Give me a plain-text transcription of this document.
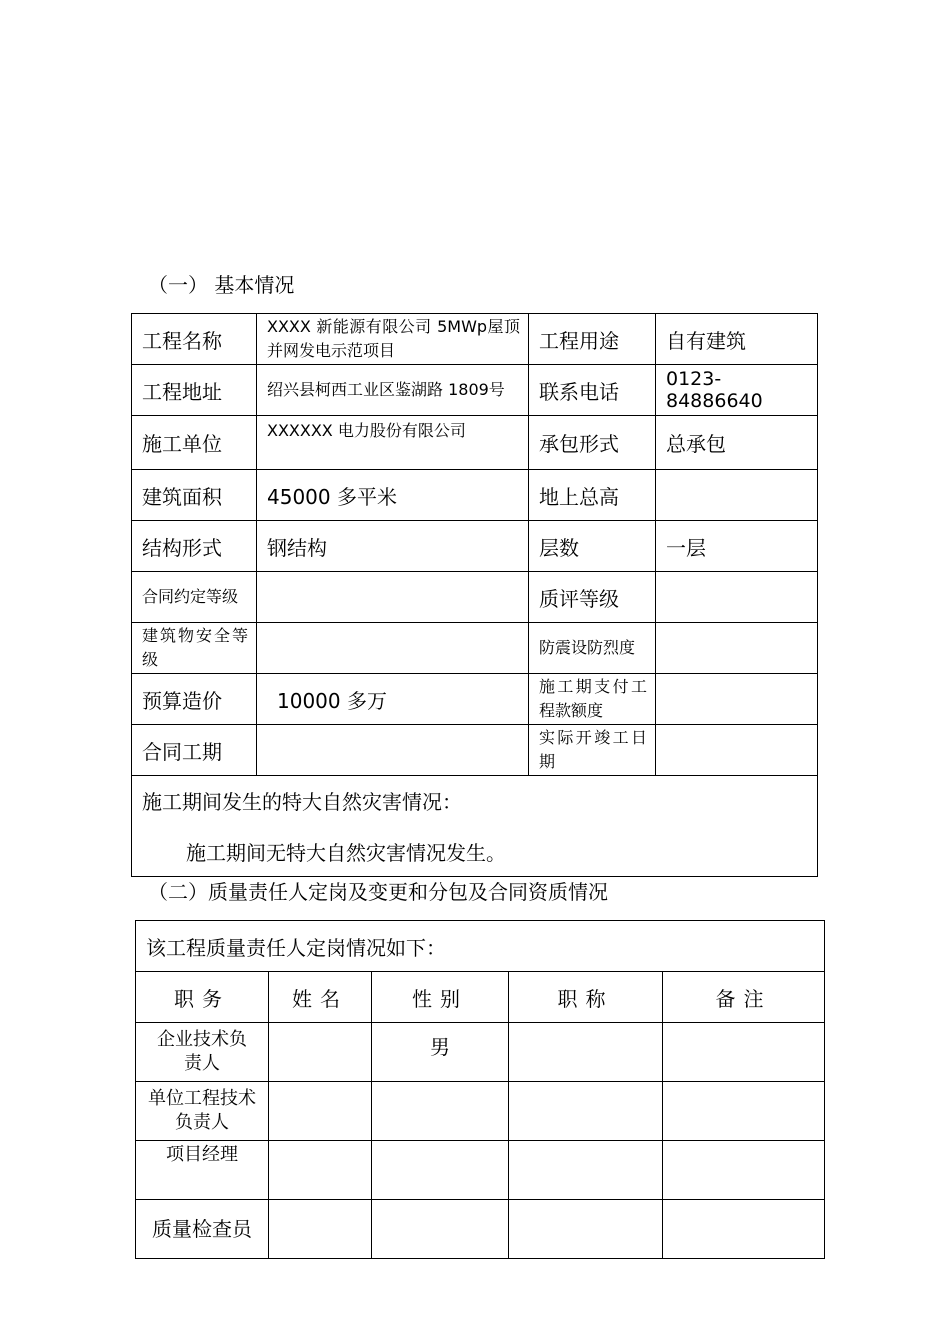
（一） 基本情况
工程名称	XXXX 新能源有限公司 5MWp屋顶并网发电示范项目	工程用途	自有建筑
工程地址	绍兴县柯西工业区鉴湖路 1809号	联系电话	0123-84886640
施工单位	XXXXXX 电力股份有限公司	承包形式	总承包
建筑面积	45000 多平米	地上总高	
结构形式	钢结构	层数	一层
合同约定等级		质评等级	
建筑物安全等级		防震设防烈度	
预算造价	10000 多万	施工期支付工程款额度	
合同工期		实际开竣工日期	

施工期间发生的特大自然灾害情况：
施工期间无特大自然灾害情况发生。			
（二）质量责任人定岗及变更和分包及合同资质情况
该工程质量责任人定岗情况如下：				
职务	姓名	性别	职称	备注
企业技术负责人		男		
单位工程技术负责人				
项目经理				
质量检查员				
